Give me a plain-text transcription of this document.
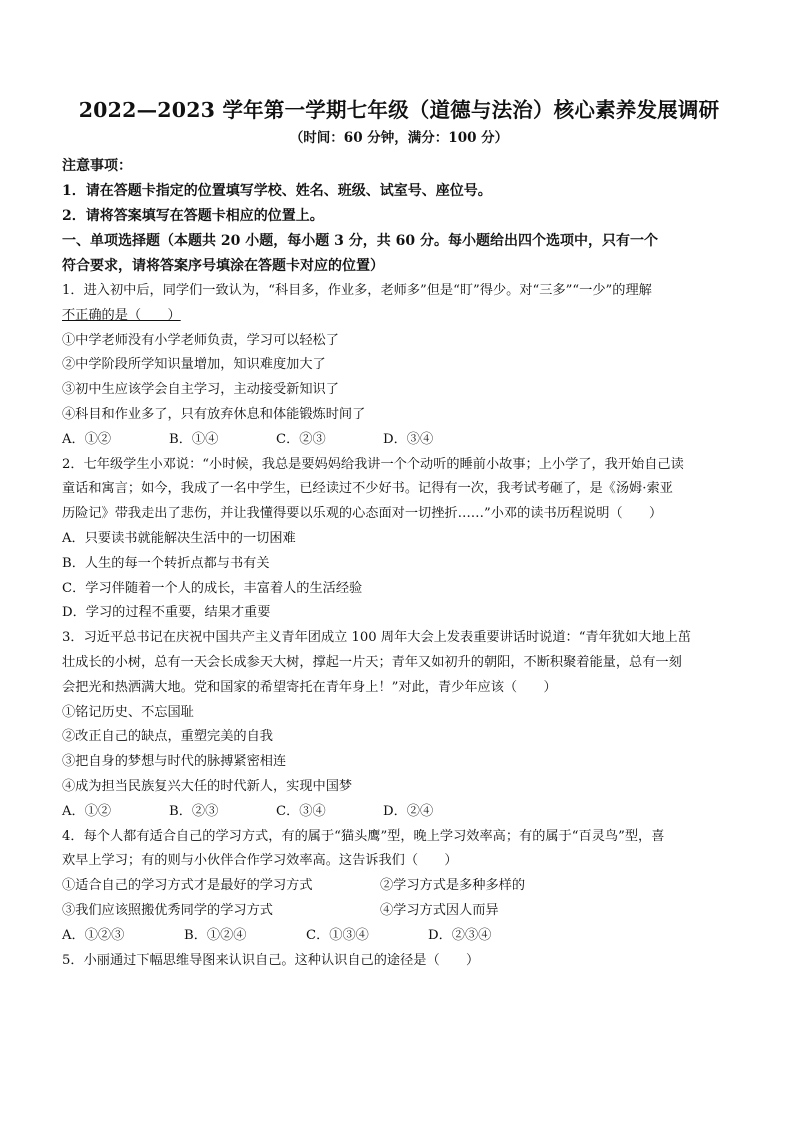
2022—2023 学年第一学期七年级（道德与法治）核心素养发展调研
（时间：60 分钟，满分：100 分）
注意事项：
1．请在答题卡指定的位置填写学校、姓名、班级、试室号、座位号。
2．请将答案填写在答题卡相应的位置上。
一、单项选择题（本题共 20 小题，每小题 3 分，共 60 分。每小题给出四个选项中，只有一个
符合要求，请将答案序号填涂在答题卡对应的位置）
1．进入初中后，同学们一致认为，“科目多，作业多，老师多”但是“盯”得少。对“三多”“一少”的理解
不正确的是（　　）
①中学老师没有小学老师负责，学习可以轻松了
②中学阶段所学知识量增加，知识难度加大了
③初中生应该学会自主学习，主动接受新知识了
④科目和作业多了，只有放弃休息和体能锻炼时间了
A．①②	B．①④	C．②③	D．③④
2．七年级学生小邓说：“小时候，我总是要妈妈给我讲一个个动听的睡前小故事；上小学了，我开始自己读
童话和寓言；如今，我成了一名中学生，已经读过不少好书。记得有一次，我考试考砸了，是《汤姆·索亚
历险记》带我走出了悲伤，并让我懂得要以乐观的心态面对一切挫折……”小邓的读书历程说明（　　）
A．只要读书就能解决生活中的一切困难
B．人生的每一个转折点都与书有关
C．学习伴随着一个人的成长，丰富着人的生活经验
D．学习的过程不重要，结果才重要
3．习近平总书记在庆祝中国共产主义青年团成立 100 周年大会上发表重要讲话时说道：“青年犹如大地上茁
壮成长的小树，总有一天会长成参天大树，撑起一片天；青年又如初升的朝阳，不断积聚着能量，总有一刻
会把光和热洒满大地。党和国家的希望寄托在青年身上！”对此，青少年应该（　　）
①铭记历史、不忘国耻
②改正自己的缺点，重塑完美的自我
③把自身的梦想与时代的脉搏紧密相连
④成为担当民族复兴大任的时代新人，实现中国梦
A．①②	B．②③	C．③④	D．②④
4．每个人都有适合自己的学习方式，有的属于“猫头鹰”型，晚上学习效率高；有的属于“百灵鸟”型，喜
欢早上学习；有的则与小伙伴合作学习效率高。这告诉我们（　　）
①适合自己的学习方式才是最好的学习方式	②学习方式是多种多样的
③我们应该照搬优秀同学的学习方式	④学习方式因人而异
A．①②③	B．①②④	C．①③④	D．②③④
5．小丽通过下幅思维导图来认识自己。这种认识自己的途径是（　　）
